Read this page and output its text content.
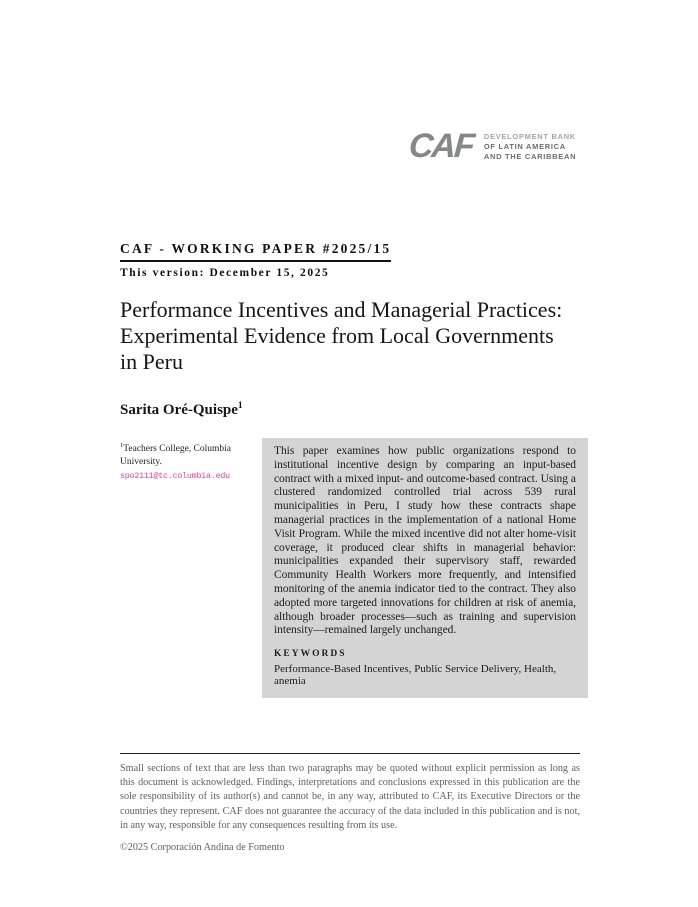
CAF DEVELOPMENT BANK
OF LATIN AMERICA
AND THE CARIBBEAN
CAF - WORKING PAPER #2025/15
This version: December 15, 2025
Performance Incentives and Managerial Practices: Experimental Evidence from Local Governments in Peru
Sarita Oré-Quispe$^1$
$^1$Teachers College, Columbia University.
spo2111@tc.columbia.edu
This paper examines how public organizations respond to institutional incentive design by comparing an input-based contract with a mixed input- and outcome-based contract. Using a clustered randomized controlled trial across 539 rural municipalities in Peru, I study how these contracts shape managerial practices in the implementation of a national Home Visit Program. While the mixed incentive did not alter home-visit coverage, it produced clear shifts in managerial behavior: municipalities expanded their supervisory staff, rewarded Community Health Workers more frequently, and intensified monitoring of the anemia indicator tied to the contract. They also adopted more targeted innovations for children at risk of anemia, although broader processes—such as training and supervision intensity—remained largely unchanged.
KEYWORDS
Performance-Based Incentives, Public Service Delivery, Health, anemia
Small sections of text that are less than two paragraphs may be quoted without explicit permission as long as this document is acknowledged. Findings, interpretations and conclusions expressed in this publication are the sole responsibility of its author(s) and cannot be, in any way, attributed to CAF, its Executive Directors or the countries they represent. CAF does not guarantee the accuracy of the data included in this publication and is not, in any way, responsible for any consequences resulting from its use.
©2025 Corporación Andina de Fomento
